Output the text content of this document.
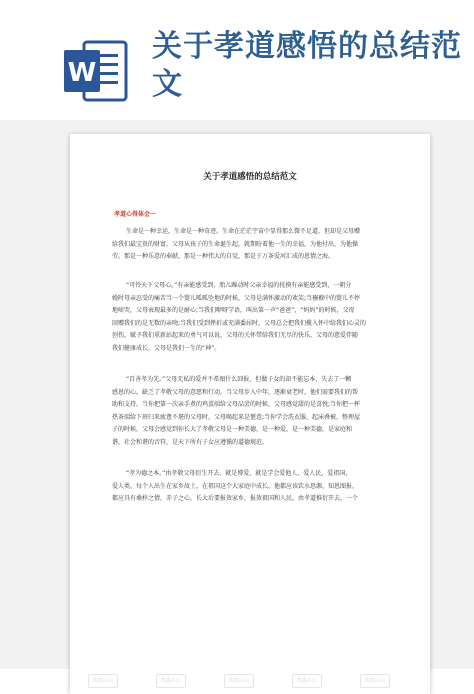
W
关于孝道感悟的总结范文
关于孝道感悟的总结范文
孝道心得体会一
生命是一种幸运，生命是一种奇迹。生命在茫茫宇宙中显得那么微不足道，但却是父母赠
给我们最宝贵的财富。父母从孩子的生命诞生起，就期盼着他一生的幸福，为他付出，为他操
劳。那是一种乐意的奉献，那是一种伟大的自觉，那是于万条爱河汇成的恩情之海。
“可怜天下父母心。”有亲能感受到，胎儿躁动时父亲幸福的抚摸有亲能感受到，一朝分
娩时母亲忍受的痛苦当一个婴儿呱呱坠地的时候，父母是满怀激动的欢笑;当襁褓中的婴儿不停
地啼哭，父母表现最多的是耐心;当我们咿呀学语，叫出第一声“爸爸”，“妈妈”的时候，父母
回赠我们的是无数的亲吻;当我们受到挫折或充满委屈时，父母总会把我们揽入怀中给我们心灵的
创伤，赋予我们重新站起来的勇气可以说，父母的关怀带给我们无尽的快乐，父母的慈爱伴随
我们健康成长，父母是我们一生的“神”。
“百善孝为先。”父母无私的爱并不希图什么回报，但做子女的却不能忘本，失去了一颗
感恩的心，缺乏了孝敬父母的意愿和行动。当父母步入中年，逐渐衰老时，他们需要我们的帮
助和支持。当你把第一次亲手煮的鸡蛋端给父母品尝的时候，父母感觉甜的是喜悦;当你把一杯
热茶端给下班归来疲惫不堪的父母时，父母喝起来是惬意;当你学会洗衣服，起床叠被，整理屋
子的时候，父母会感觉到你长大了孝敬父母是一种美德，是一种爱，是一种美德，是家庭和
谐，社会和谐的音符，是天下所有子女应遵循的道德规范。
“孝为德之本。”由孝敬父母衍生开去，就是博爱，就是学会爱他人，爱人民，爱祖国，
爱人类。每个人出生在家乡故土，在祖国这个大家庭中成长，他都应该饮水思源，知恩图报，
都应具有桑梓之情，赤子之心，长大后要报效家乡，报效祖国和人民。由孝道推衍开去，一个
熊猫办公	熊猫办公	熊猫办公	熊猫办公	熊猫办公
